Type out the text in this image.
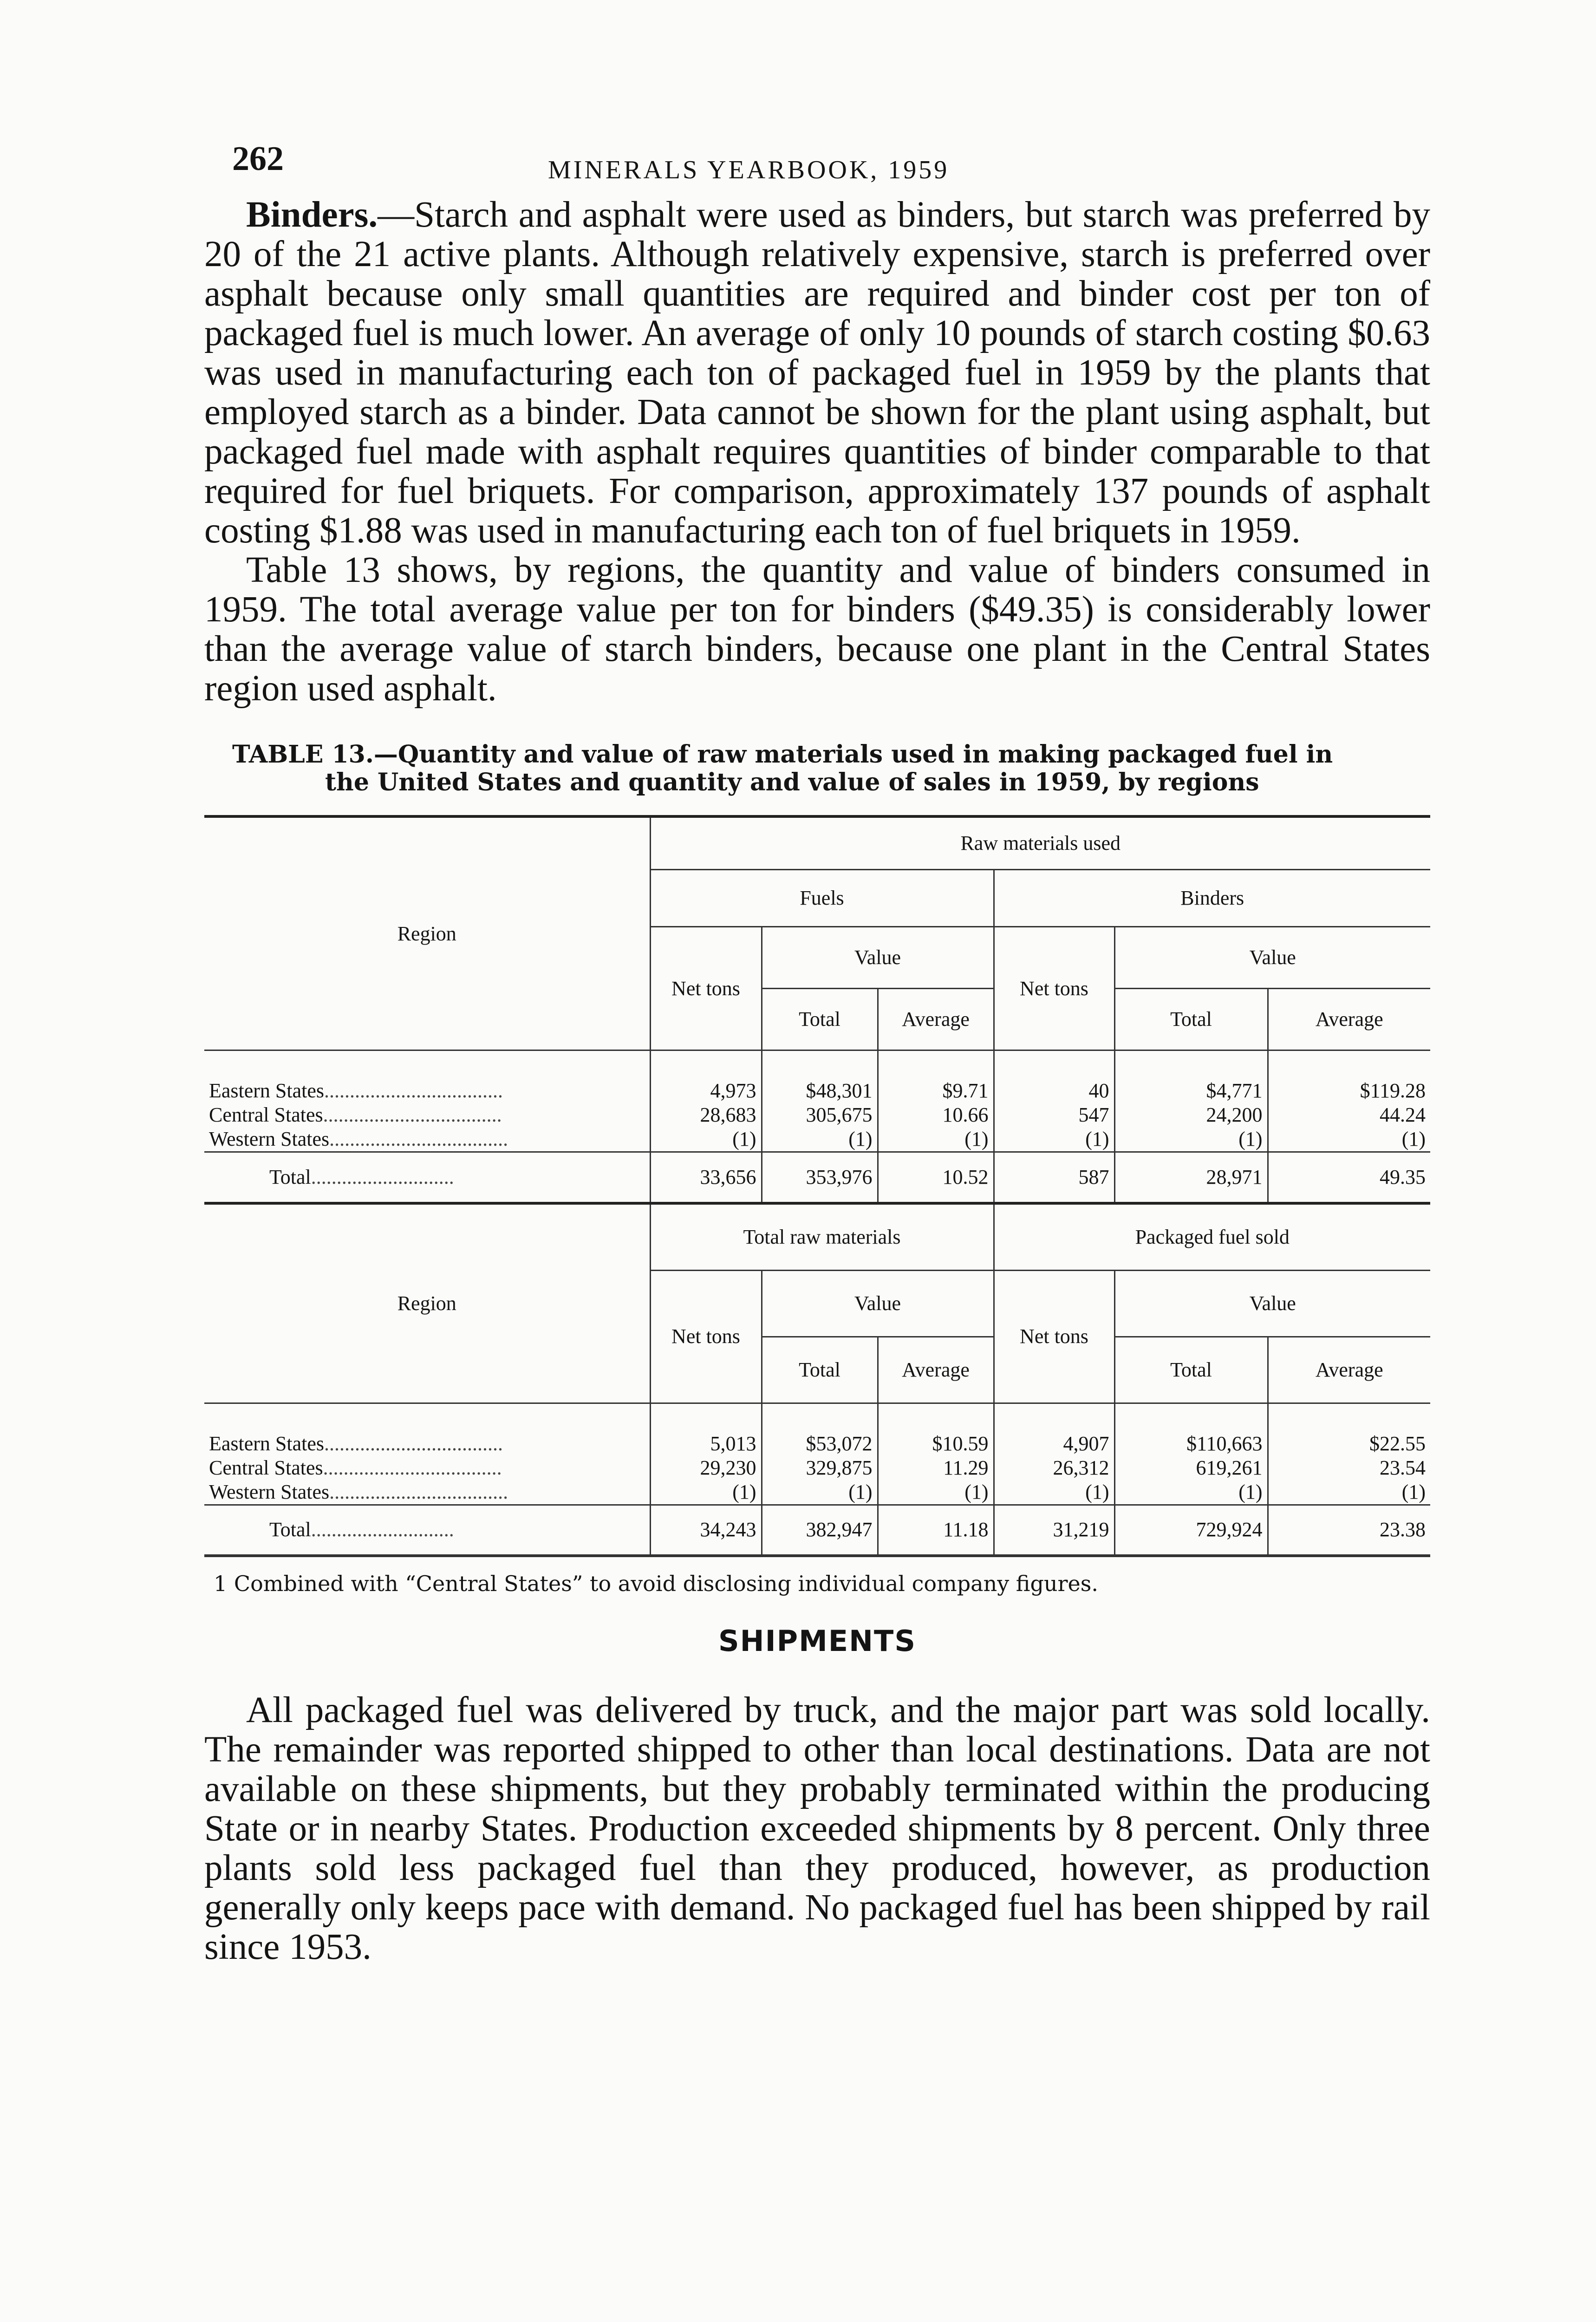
262	MINERALS YEARBOOK, 1959

Binders.—Starch and asphalt were used as binders, but starch was preferred by 20 of the 21 active plants. Although relatively expensive, starch is preferred over asphalt because only small quantities are required and binder cost per ton of packaged fuel is much lower. An average of only 10 pounds of starch costing $0.63 was used in manufacturing each ton of packaged fuel in 1959 by the plants that employed starch as a binder. Data cannot be shown for the plant using asphalt, but packaged fuel made with asphalt requires quantities of binder comparable to that required for fuel briquets. For comparison, approximately 137 pounds of asphalt costing $1.88 was used in manufacturing each ton of fuel briquets in 1959.

Table 13 shows, by regions, the quantity and value of binders consumed in 1959. The total average value per ton for binders ($49.35) is considerably lower than the average value of starch binders, because one plant in the Central States region used asphalt.

TABLE 13.—Quantity and value of raw materials used in making packaged fuel in
the United States and quantity and value of sales in 1959, by regions
Region	Raw materials used					
	Fuels			Binders		
	Net tons	Value		Net tons	Value	
		Total	Average		Total	Average

Eastern States...................................	4,973	$48,301	$9.71	40	$4,771	$119.28
Central States...................................	28,683	305,675	10.66	547	24,200	44.24
Western States...................................	(1)	(1)	(1)	(1)	(1)	(1)
Total............................	33,656	353,976	10.52	587	28,971	49.35
Region	Total raw materials			Packaged fuel sold		
	Net tons	Value		Net tons	Value	
		Total	Average		Total	Average

Eastern States...................................	5,013	$53,072	$10.59	4,907	$110,663	$22.55
Central States...................................	29,230	329,875	11.29	26,312	619,261	23.54
Western States...................................	(1)	(1)	(1)	(1)	(1)	(1)
Total............................	34,243	382,947	11.18	31,219	729,924	23.38
1 Combined with “Central States” to avoid disclosing individual company figures.
SHIPMENTS

All packaged fuel was delivered by truck, and the major part was sold locally. The remainder was reported shipped to other than local destinations. Data are not available on these shipments, but they probably terminated within the producing State or in nearby States. Production exceeded shipments by 8 percent. Only three plants sold less packaged fuel than they produced, however, as production generally only keeps pace with demand. No packaged fuel has been shipped by rail since 1953.
